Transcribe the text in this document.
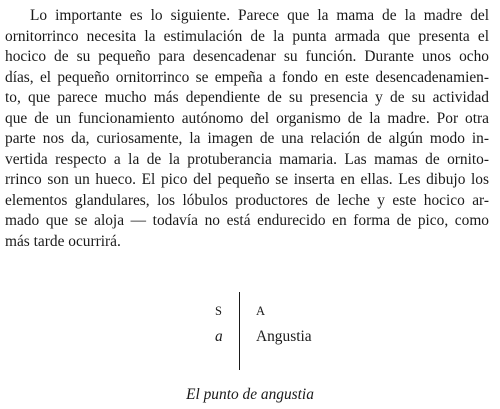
Lo importante es lo siguiente. Parece que la mama de la madre del
ornitorrinco necesita la estimulación de la punta armada que presenta el
hocico de su pequeño para desencadenar su función. Durante unos ocho
días, el pequeño ornitorrinco se empeña a fondo en este desencadenamien-
to, que parece mucho más dependiente de su presencia y de su actividad
que de un funcionamiento autónomo del organismo de la madre. Por otra
parte nos da, curiosamente, la imagen de una relación de algún modo in-
vertida respecto a la de la protuberancia mamaria. Las mamas de ornito-
rrinco son un hueco. El pico del pequeño se inserta en ellas. Les dibujo los
elementos glandulares, los lóbulos productores de leche y este hocico ar-
mado que se aloja — todavía no está endurecido en forma de pico, como
más tarde ocurrirá.
S	A
a Angustia
El punto de angustia
